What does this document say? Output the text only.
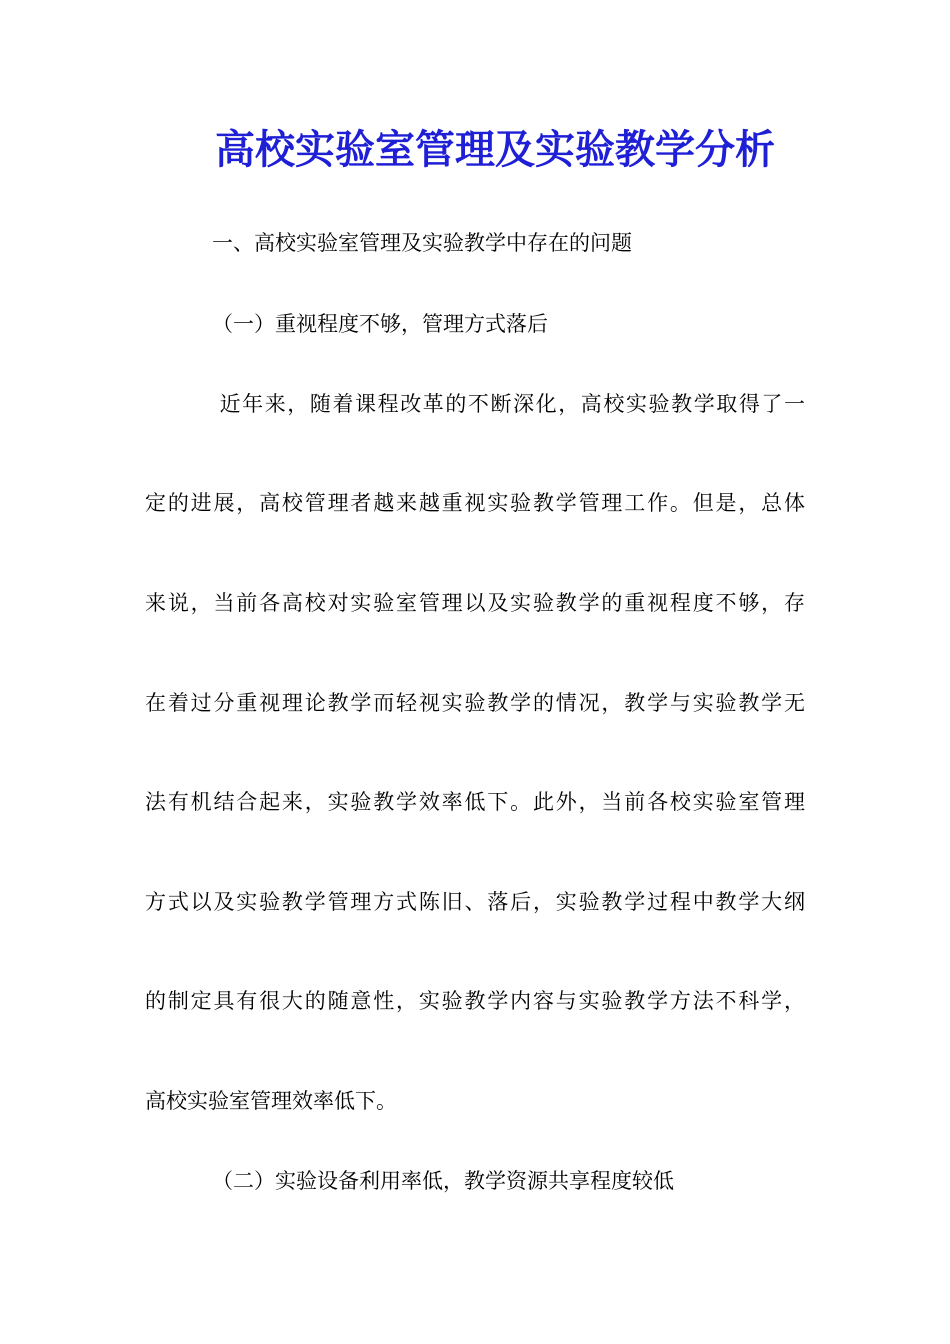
高校实验室管理及实验教学分析
一、高校实验室管理及实验教学中存在的问题
（一）重视程度不够，管理方式落后
　近年来，随着课程改革的不断深化，高校实验教学取得了一
定的进展，高校管理者越来越重视实验教学管理工作。但是，总体
来说，当前各高校对实验室管理以及实验教学的重视程度不够，存
在着过分重视理论教学而轻视实验教学的情况，教学与实验教学无
法有机结合起来，实验教学效率低下。此外，当前各校实验室管理
方式以及实验教学管理方式陈旧、落后，实验教学过程中教学大纲
的制定具有很大的随意性，实验教学内容与实验教学方法不科学，
高校实验室管理效率低下。
（二）实验设备利用率低，教学资源共享程度较低
